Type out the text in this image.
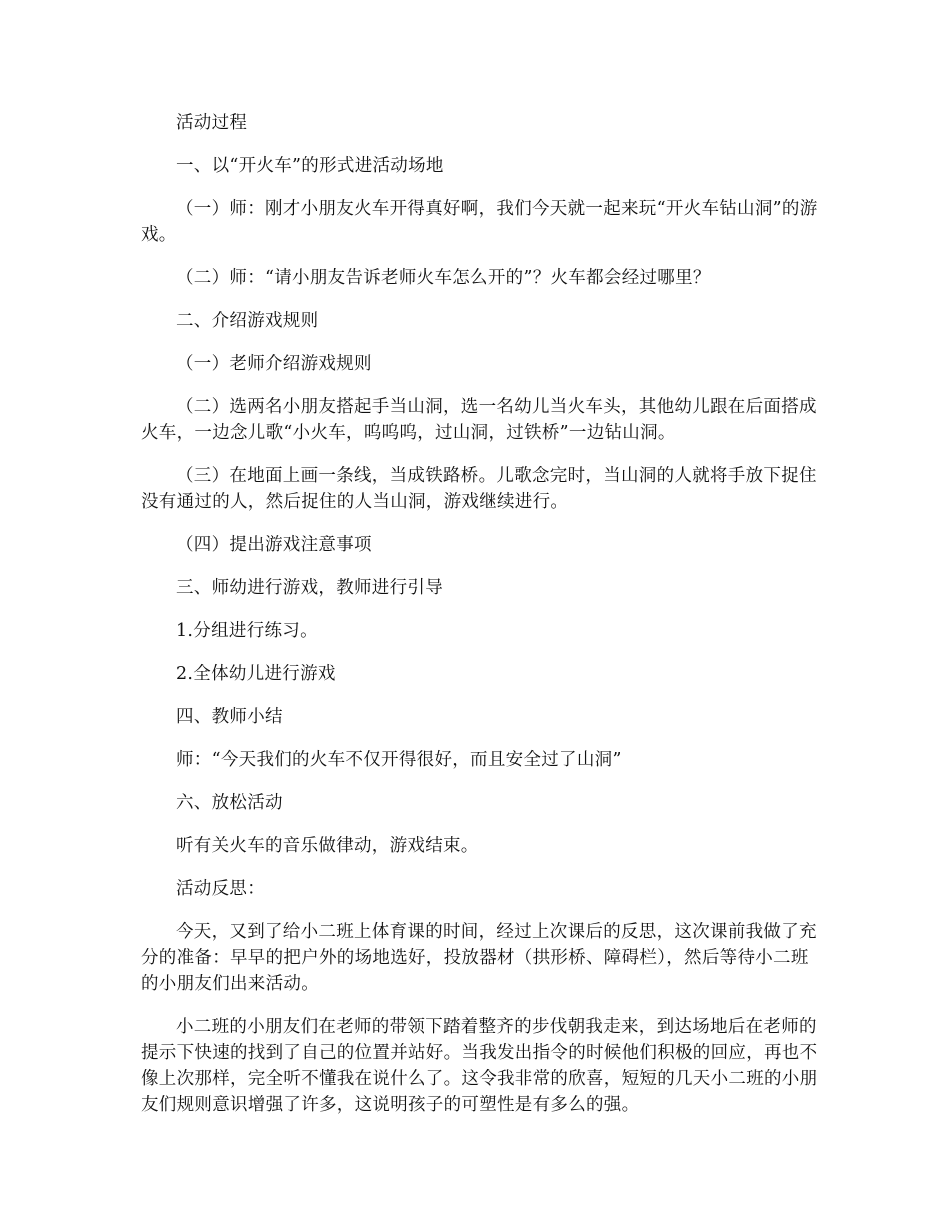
活动过程

一、以“开火车”的形式进活动场地

（一）师：刚才小朋友火车开得真好啊，我们今天就一起来玩“开火车钻山洞”的游戏。

（二）师：“请小朋友告诉老师火车怎么开的”？火车都会经过哪里？

二、介绍游戏规则

（一）老师介绍游戏规则

（二）选两名小朋友搭起手当山洞，选一名幼儿当火车头，其他幼儿跟在后面搭成火车，一边念儿歌“小火车，呜呜呜，过山洞，过铁桥”一边钻山洞。

（三）在地面上画一条线，当成铁路桥。儿歌念完时，当山洞的人就将手放下捉住没有通过的人，然后捉住的人当山洞，游戏继续进行。

（四）提出游戏注意事项

三、师幼进行游戏，教师进行引导

1.分组进行练习。

2.全体幼儿进行游戏

四、教师小结

师：“今天我们的火车不仅开得很好，而且安全过了山洞”

六、放松活动

听有关火车的音乐做律动，游戏结束。

活动反思：

今天，又到了给小二班上体育课的时间，经过上次课后的反思，这次课前我做了充分的准备：早早的把户外的场地选好，投放器材（拱形桥、障碍栏），然后等待小二班的小朋友们出来活动。

小二班的小朋友们在老师的带领下踏着整齐的步伐朝我走来，到达场地后在老师的提示下快速的找到了自己的位置并站好。当我发出指令的时候他们积极的回应，再也不像上次那样，完全听不懂我在说什么了。这令我非常的欣喜，短短的几天小二班的小朋友们规则意识增强了许多，这说明孩子的可塑性是有多么的强。
